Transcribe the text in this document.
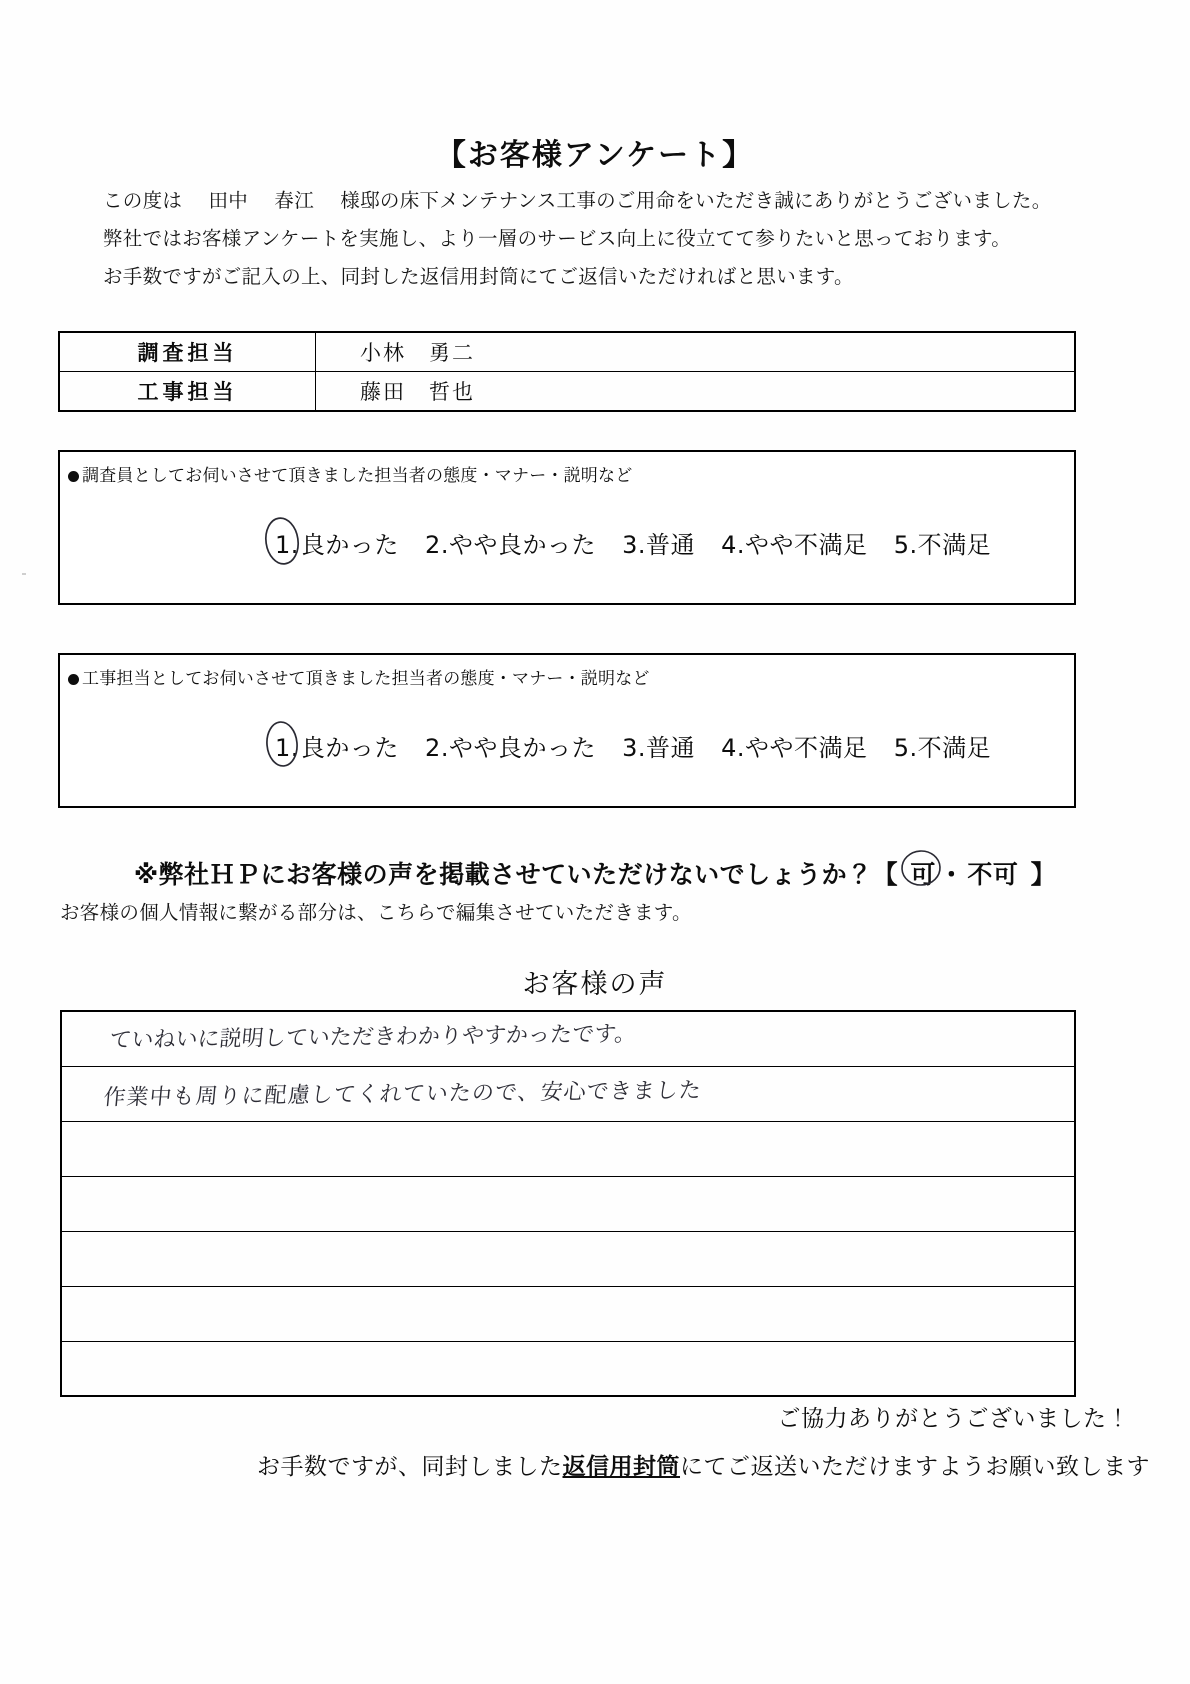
【お客様アンケート】
この度は　 田中　 春江　 様邸の床下メンテナンス工事のご用命をいただき誠にありがとうございました。
弊社ではお客様アンケートを実施し、より一層のサービス向上に役立てて参りたいと思っております。
お手数ですがご記入の上、同封した返信用封筒にてご返信いただければと思います。
調査担当	小林　勇二
工事担当	藤田　哲也
調査員としてお伺いさせて頂きました担当者の態度・マナー・説明など
1.良かった 2.やや良かった 3.普通 4.やや不満足 5.不満足
工事担当としてお伺いさせて頂きました担当者の態度・マナー・説明など
1.良かった 2.やや良かった 3.普通 4.やや不満足 5.不満足
※弊社ＨＰにお客様の声を掲載させていただけないでしょうか？【 可 ・ 不可 】
お客様の個人情報に繋がる部分は、こちらで編集させていただきます。
お客様の声
ていねいに説明していただきわかりやすかったです。

作業中も周りに配慮してくれていたので、安心できました

ご協力ありがとうございました！
お手数ですが、同封しました返信用封筒にてご返送いただけますようお願い致します
